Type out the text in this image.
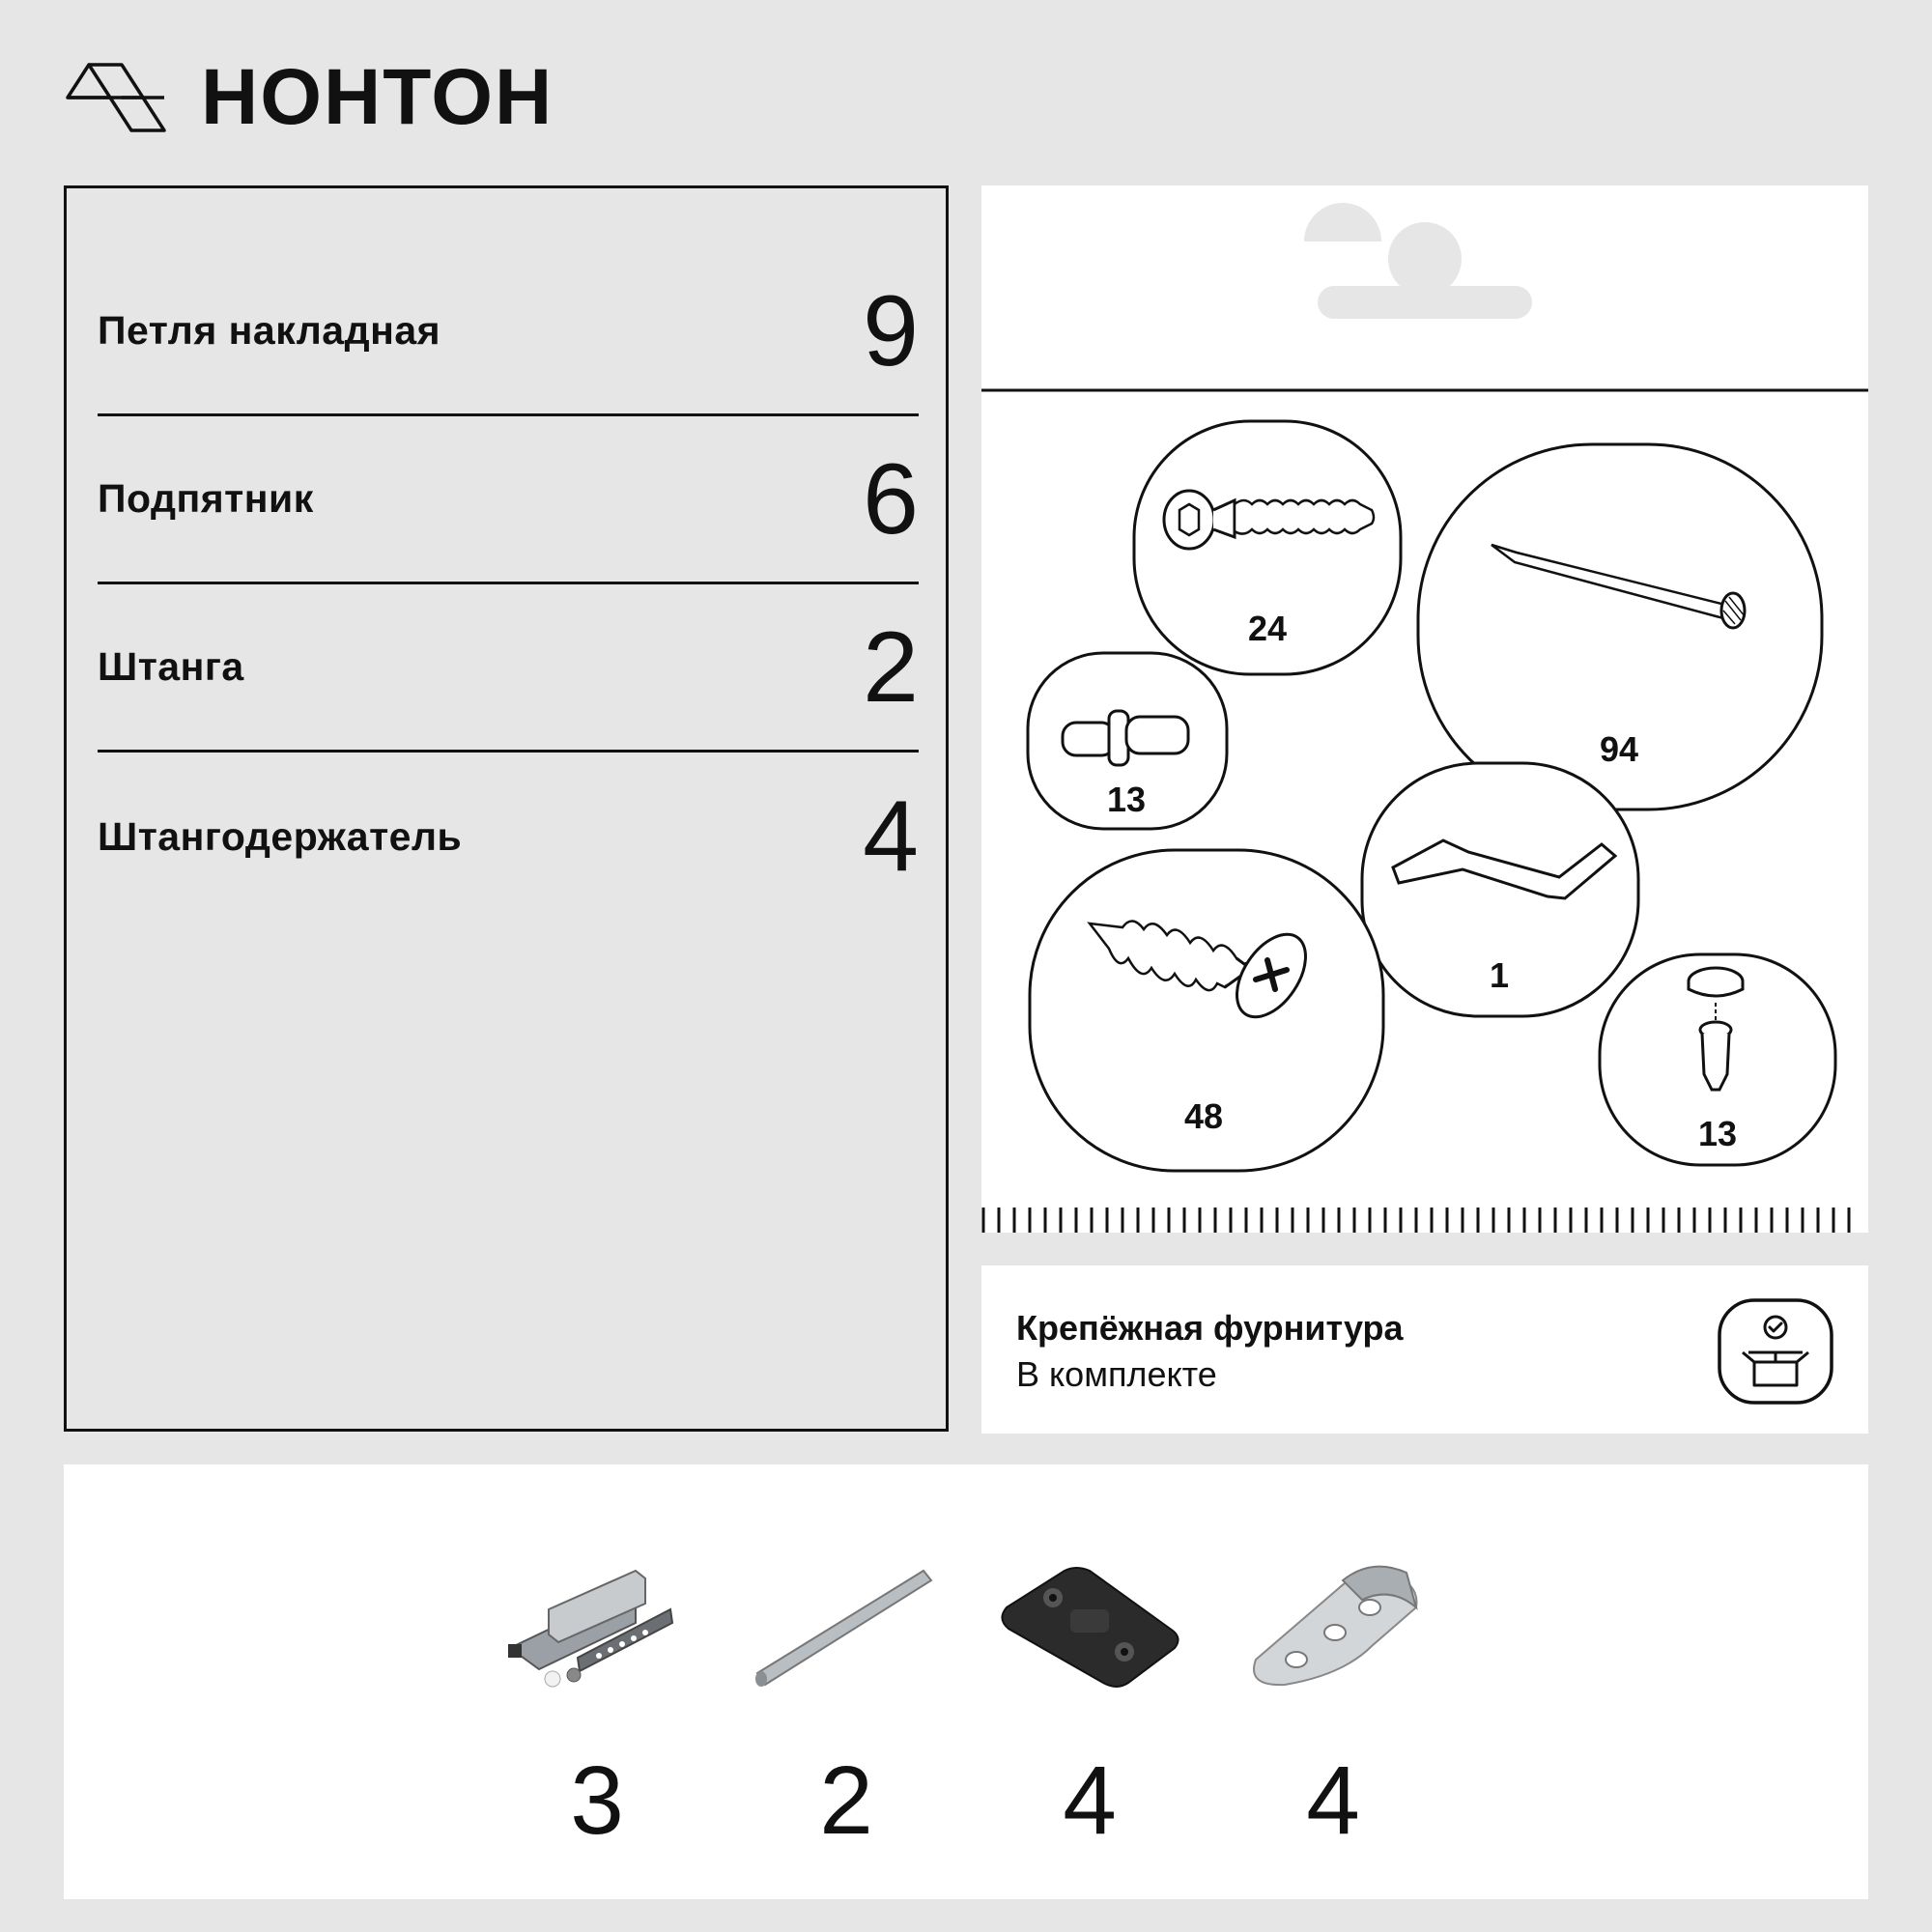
НОНТОН
Петля накладная	9
Подпятник	6
Штанга	2
Штангодержатель	4
24
94
13
1
48	13
Крепёжная фурнитура
В комплекте
3	2	4	4
